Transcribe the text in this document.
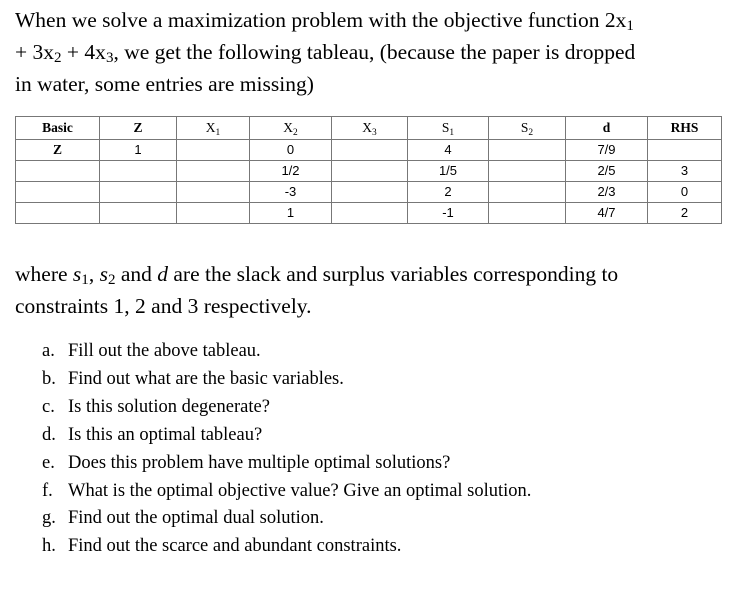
When we solve a maximization problem with the objective function $2x_1$
+ $3x_2 + 4x_3$, we get the following tableau, (because the paper is dropped
in water, some entries are missing)
Basic	Z	$X_1$	$X_2$	$X_3$	$S_1$	$S_2$	d	RHS
Z	1		0		4		7/9	
			1/2		1/5		2/5	3
			-3		2		2/3	0
			1		-1		4/7	2
where $s_1$, $s_2$ and d are the slack and surplus variables corresponding to
constraints 1, 2 and 3 respectively.
a. Fill out the above tableau.
b. Find out what are the basic variables.
c. Is this solution degenerate?
d. Is this an optimal tableau?
e. Does this problem have multiple optimal solutions?
f. What is the optimal objective value? Give an optimal solution.
g. Find out the optimal dual solution.
h. Find out the scarce and abundant constraints.
